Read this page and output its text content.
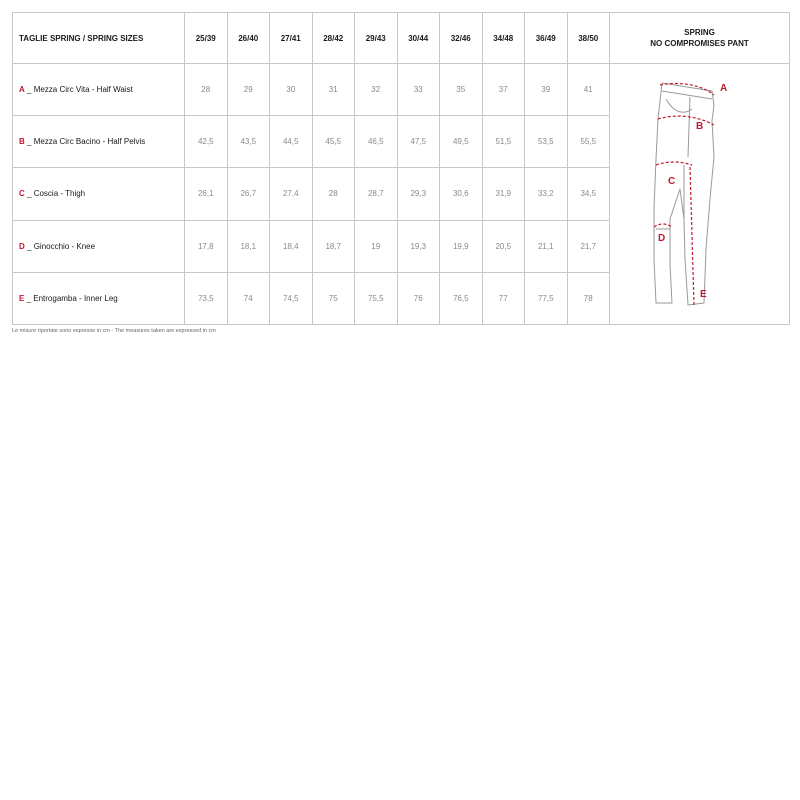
TAGLIE SPRING / SPRING SIZES	25/39	26/40	27/41	28/42	29/43	30/44	32/46	34/48	36/49	38/50	SPRING
NO COMPROMISES PANT
A _ Mezza Circ Vita - Half Waist	28	29	30	31	32	33	35	37	39	41	A
B
C
D
E

B _ Mezza Circ Bacino - Half Pelvis	42,5	43,5	44,5	45,5	46,5	47,5	49,5	51,5	53,5	55,5	
C _ Coscia - Thigh	26,1	26,7	27,4	28	28,7	29,3	30,6	31,9	33,2	34,5	
D _ Ginocchio - Knee	17,8	18,1	18,4	18,7	19	19,3	19,9	20,5	21,1	21,7	
E _ Entrogamba - Inner Leg	73,5	74	74,5	75	75,5	76	76,5	77	77,5	78	
Le misure riportate sono espresse in cm - The measures taken are expressed in cm
